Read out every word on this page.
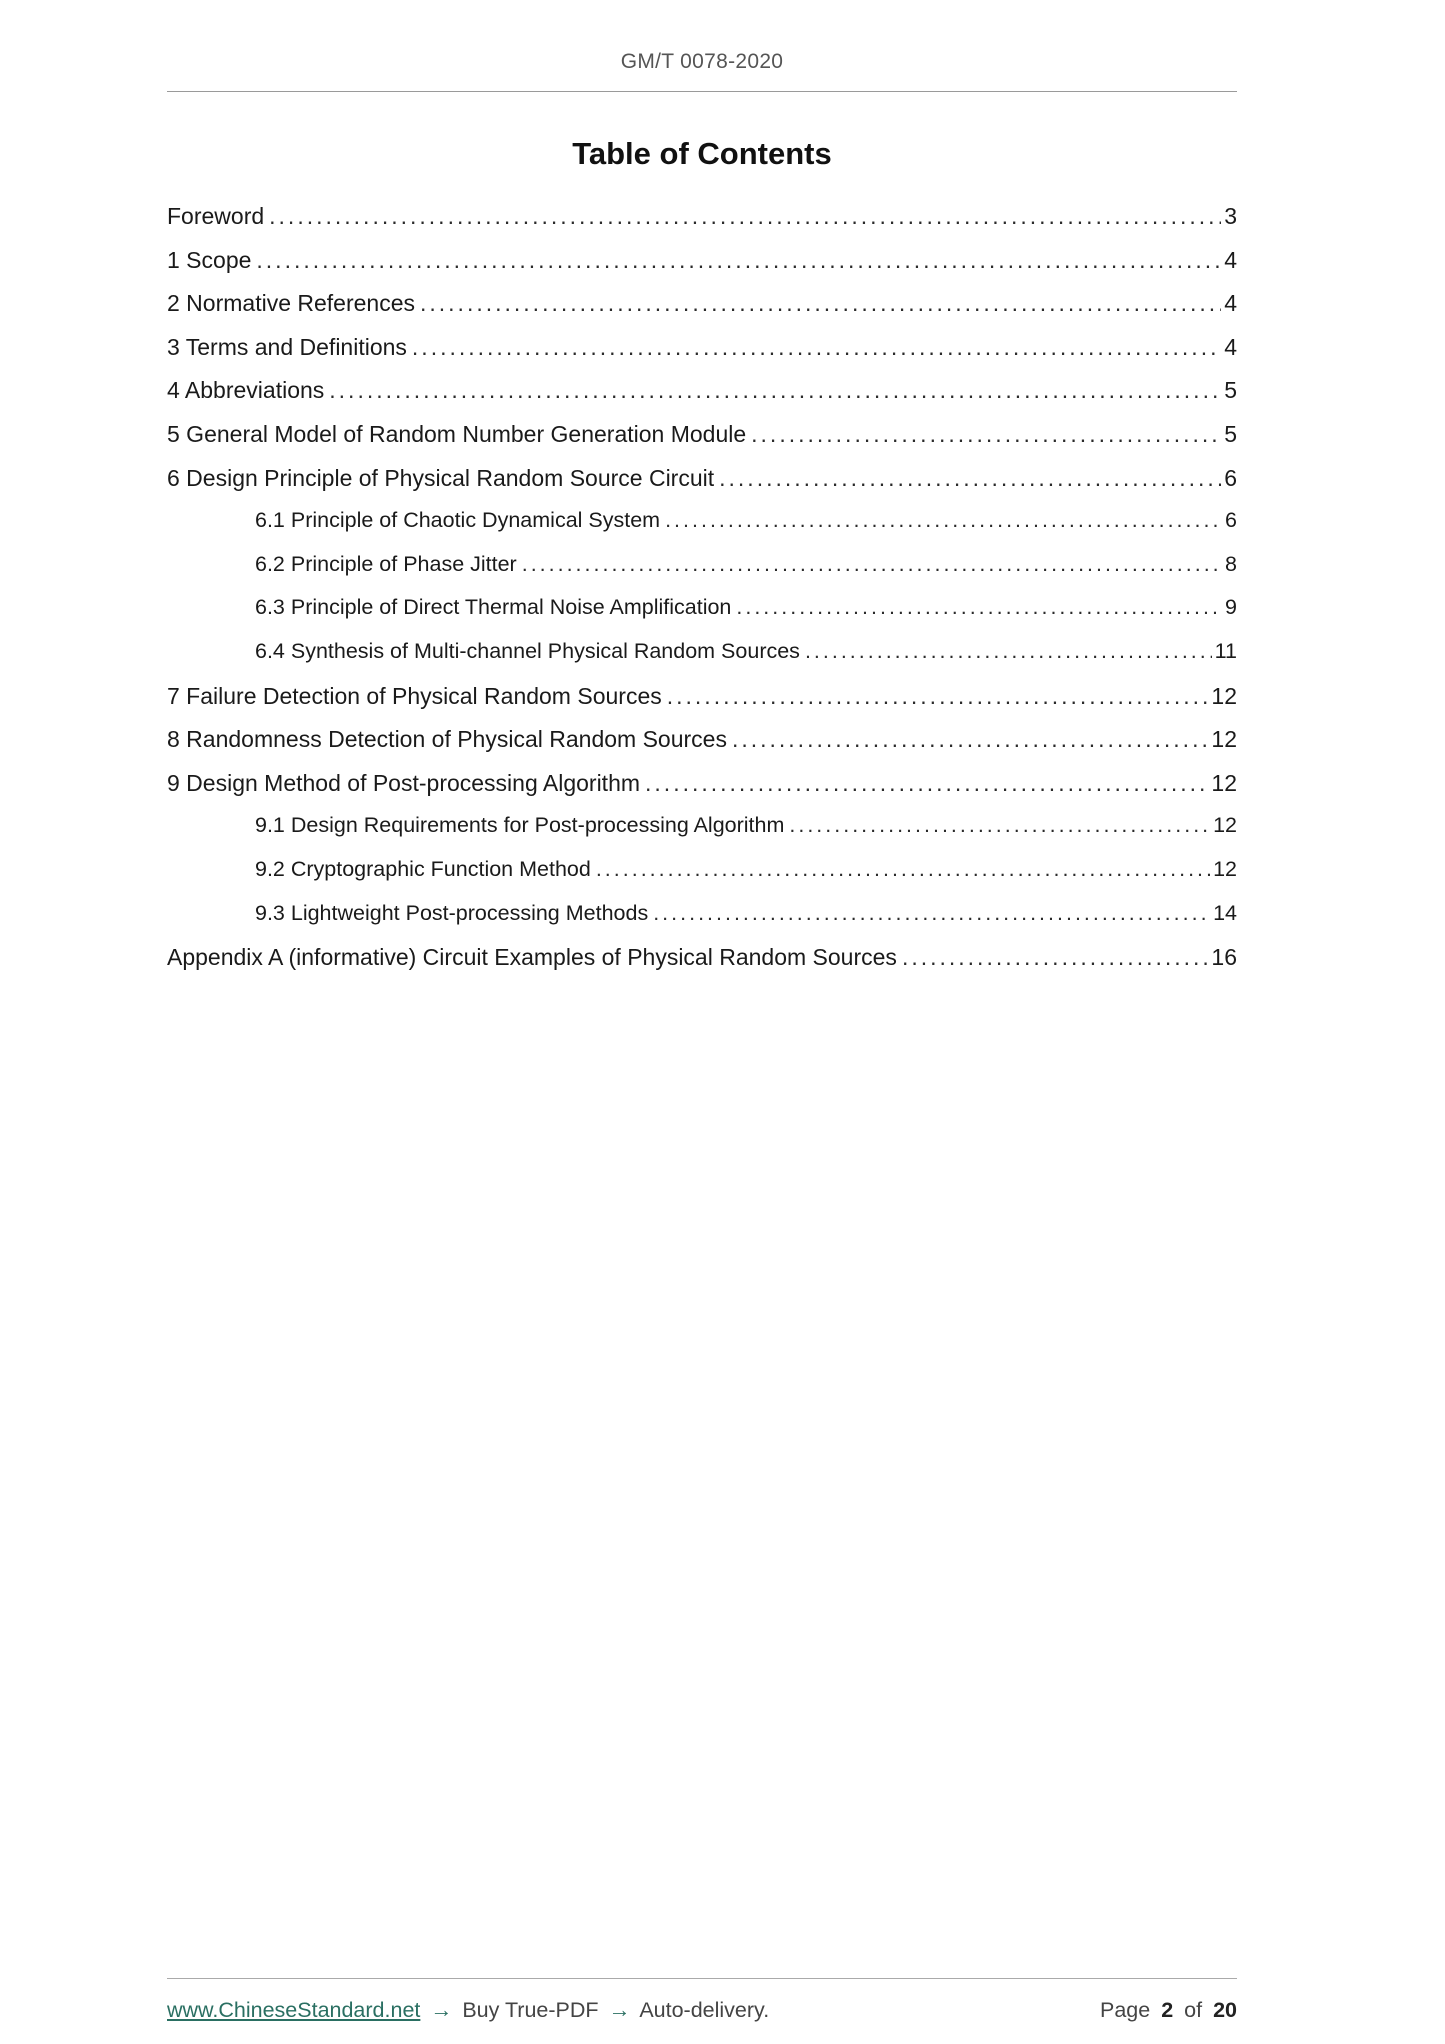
GM/T 0078-2020
Table of Contents
Foreword .....	3
1 Scope .....	4
2 Normative References .....	4
3 Terms and Definitions .....	4
4 Abbreviations .....	5
5 General Model of Random Number Generation Module .....	5
6 Design Principle of Physical Random Source Circuit .....	6
6.1 Principle of Chaotic Dynamical System .....	6
6.2 Principle of Phase Jitter .....	8
6.3 Principle of Direct Thermal Noise Amplification .....	9
6.4 Synthesis of Multi-channel Physical Random Sources .....	11
7 Failure Detection of Physical Random Sources .....	12
8 Randomness Detection of Physical Random Sources .....	12
9 Design Method of Post-processing Algorithm .....	12
9.1 Design Requirements for Post-processing Algorithm .....	12
9.2 Cryptographic Function Method .....	12
9.3 Lightweight Post-processing Methods .....	14
Appendix A (informative) Circuit Examples of Physical Random Sources .....	16
www.ChineseStandard.net → Buy True-PDF → Auto-delivery.	Page 2 of 20
